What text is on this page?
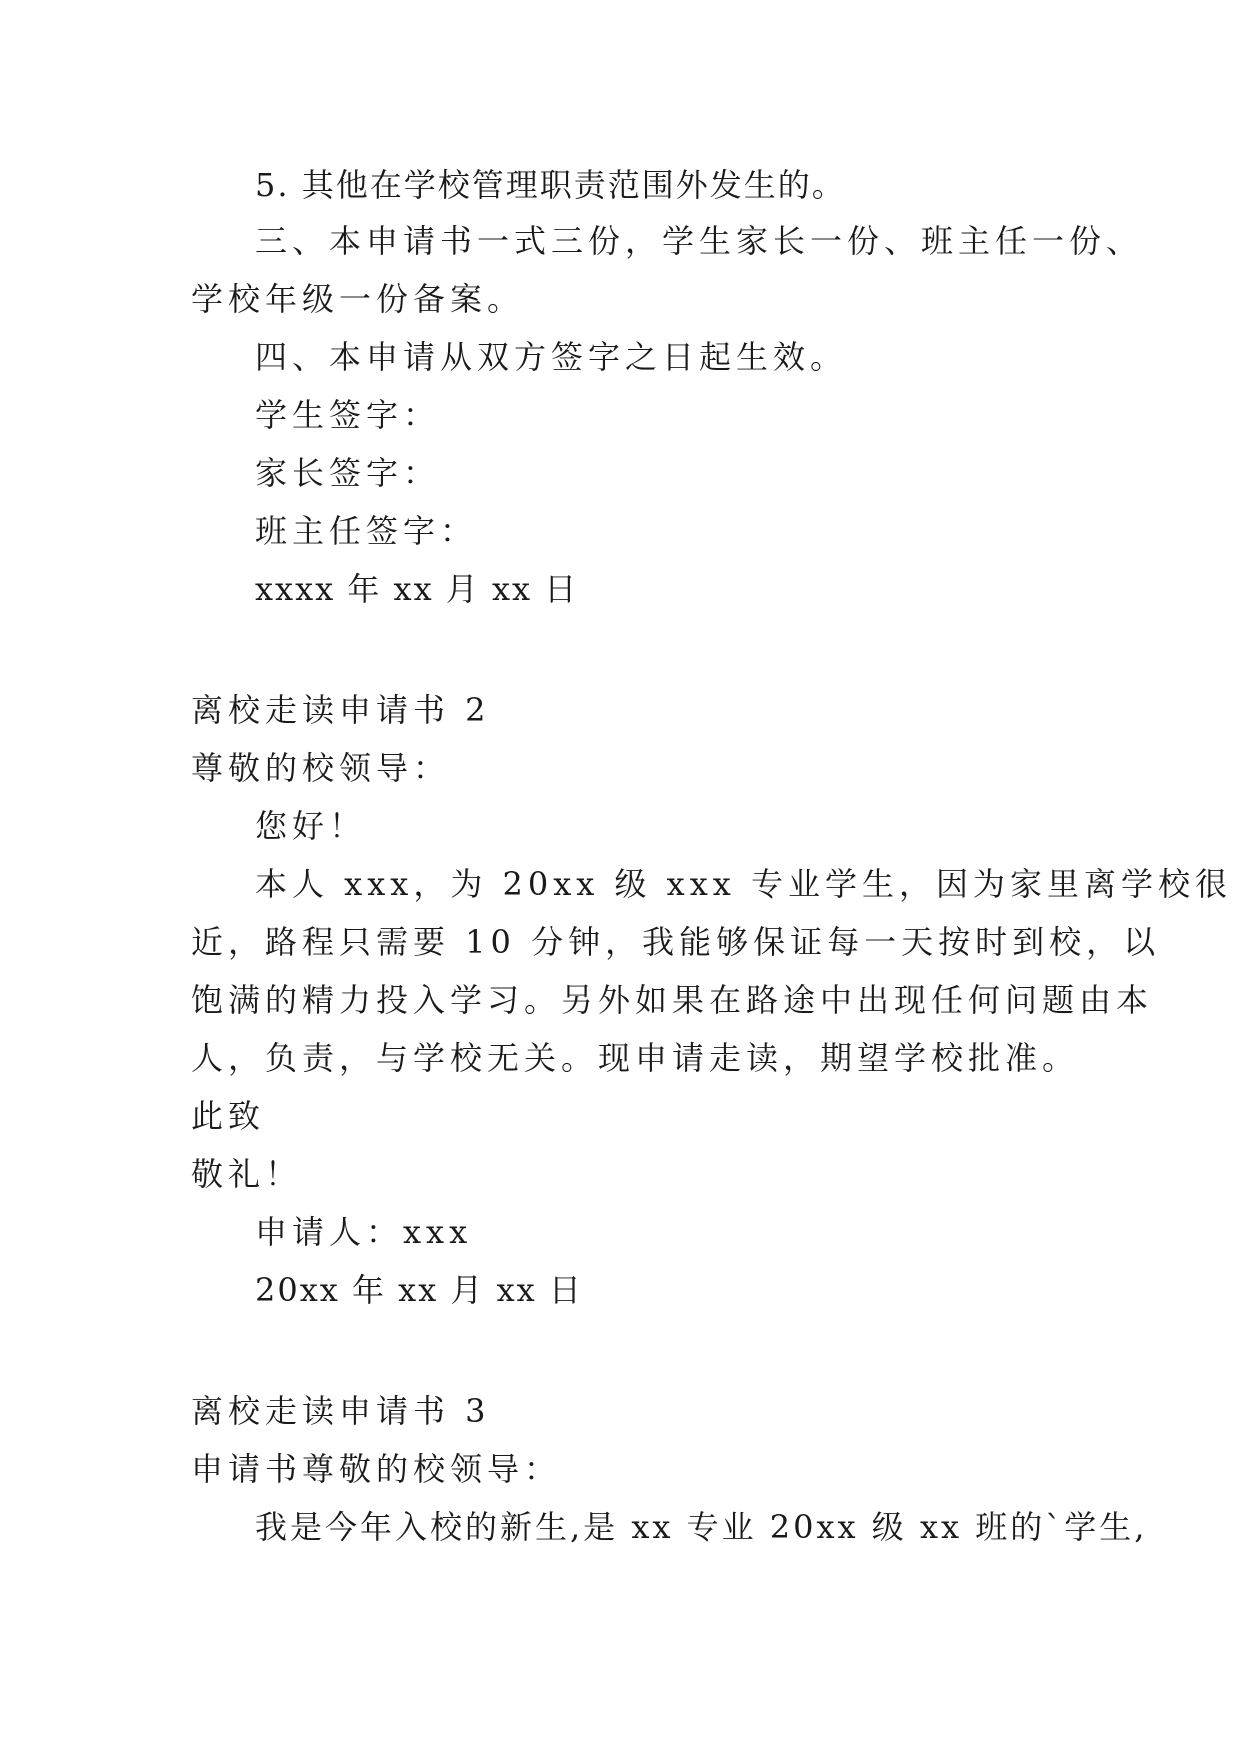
5. 其他在学校管理职责范围外发生的。
三、本申请书一式三份，学生家长一份、班主任一份、
学校年级一份备案。
四、本申请从双方签字之日起生效。
学生签字：
家长签字：
班主任签字：
xxxx 年 xx 月 xx 日
离校走读申请书 2
尊敬的校领导：
您好！
本人 xxx，为 20xx 级 xxx 专业学生，因为家里离学校很
近，路程只需要 10 分钟，我能够保证每一天按时到校，以
饱满的精力投入学习。另外如果在路途中出现任何问题由本
人，负责，与学校无关。现申请走读，期望学校批准。
此致
敬礼！
申请人：xxx
20xx 年 xx 月 xx 日
离校走读申请书 3
申请书尊敬的校领导：
我是今年入校的新生,是 xx 专业 20xx 级 xx 班的`学生,
